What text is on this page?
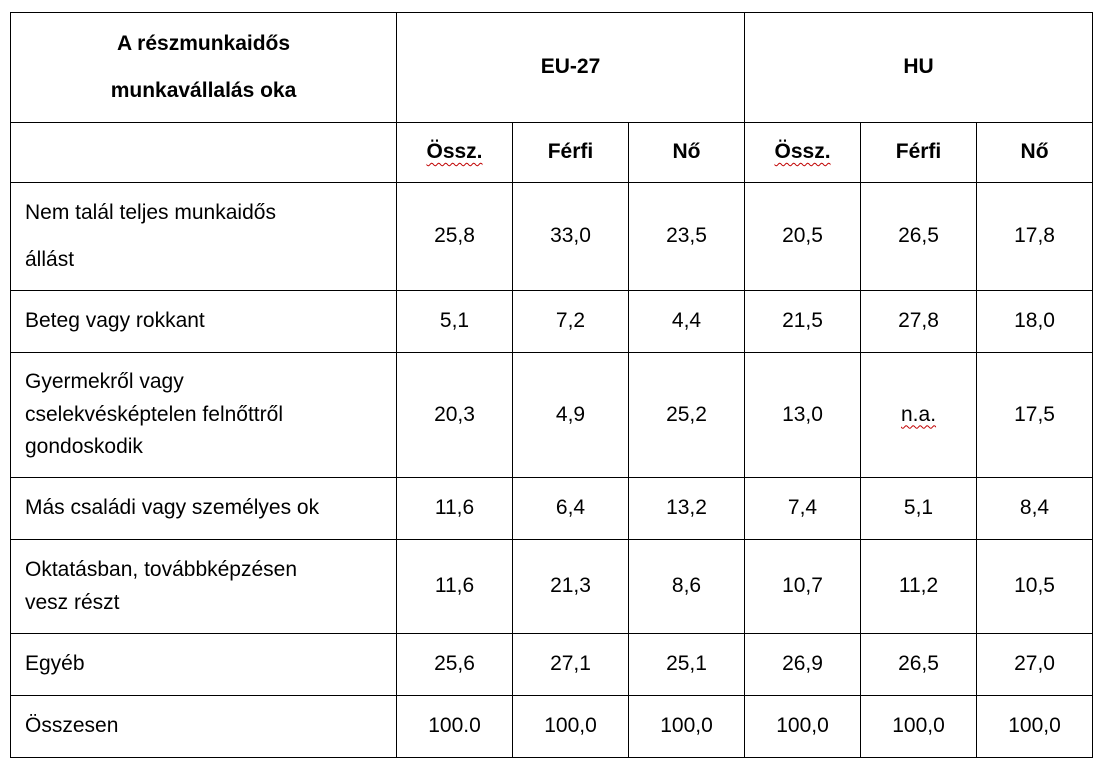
A részmunkaidős
munkavállalás oka	EU-27			HU		
	Össz.	Férfi	Nő	Össz.	Férfi	Nő
Nem talál teljes munkaidős
állást	25,8	33,0	23,5	20,5	26,5	17,8
Beteg vagy rokkant	5,1	7,2	4,4	21,5	27,8	18,0
Gyermekről vagy
cselekvésképtelen felnőttről
gondoskodik	20,3	4,9	25,2	13,0	n.a.	17,5
Más családi vagy személyes ok	11,6	6,4	13,2	7,4	5,1	8,4
Oktatásban, továbbképzésen
vesz részt	11,6	21,3	8,6	10,7	11,2	10,5
Egyéb	25,6	27,1	25,1	26,9	26,5	27,0
Összesen	100.0	100,0	100,0	100,0	100,0	100,0
